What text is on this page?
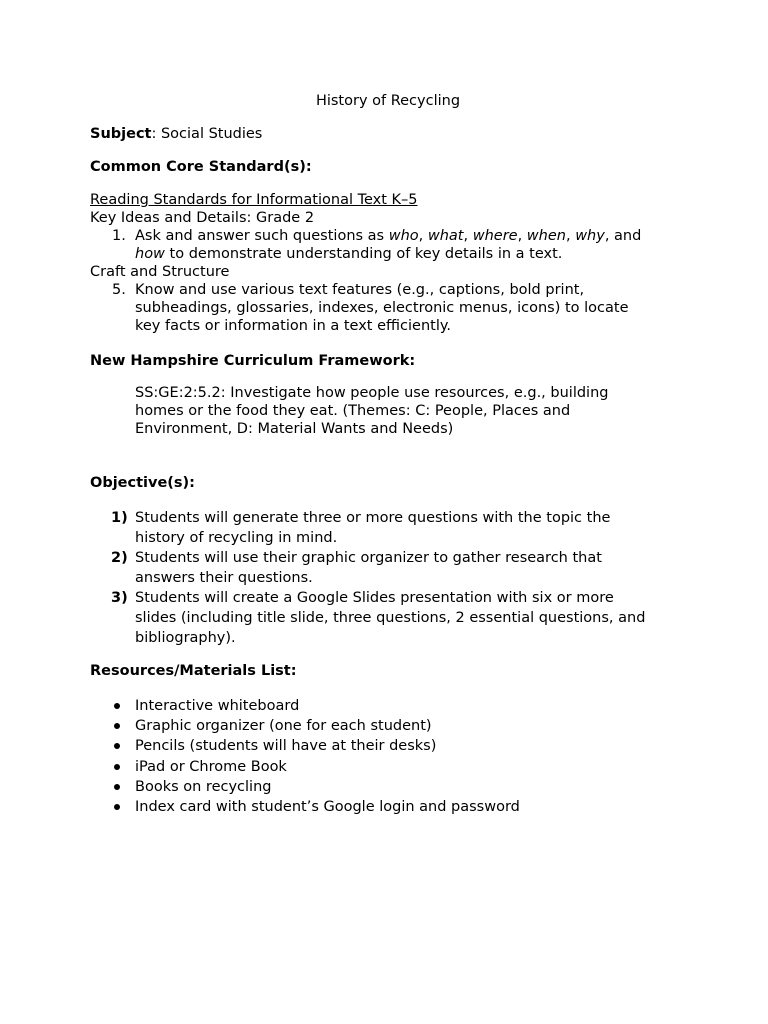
History of Recycling
Subject: Social Studies
Common Core Standard(s):
Reading Standards for Informational Text K–5
Key Ideas and Details: Grade 2
1. Ask and answer such questions as who, what, where, when, why, and
how to demonstrate understanding of key details in a text.
Craft and Structure
5. Know and use various text features (e.g., captions, bold print,
subheadings, glossaries, indexes, electronic menus, icons) to locate
key facts or information in a text efficiently.
New Hampshire Curriculum Framework:
SS:GE:2:5.2: Investigate how people use resources, e.g., building
homes or the food they eat. (Themes: C: People, Places and
Environment, D: Material Wants and Needs)
Objective(s):
1) Students will generate three or more questions with the topic the
history of recycling in mind.
2) Students will use their graphic organizer to gather research that
answers their questions.
3) Students will create a Google Slides presentation with six or more
slides (including title slide, three questions, 2 essential questions, and
bibliography).
Resources/Materials List:
Interactive whiteboard
Graphic organizer (one for each student)
Pencils (students will have at their desks)
iPad or Chrome Book
Books on recycling
Index card with student’s Google login and password
